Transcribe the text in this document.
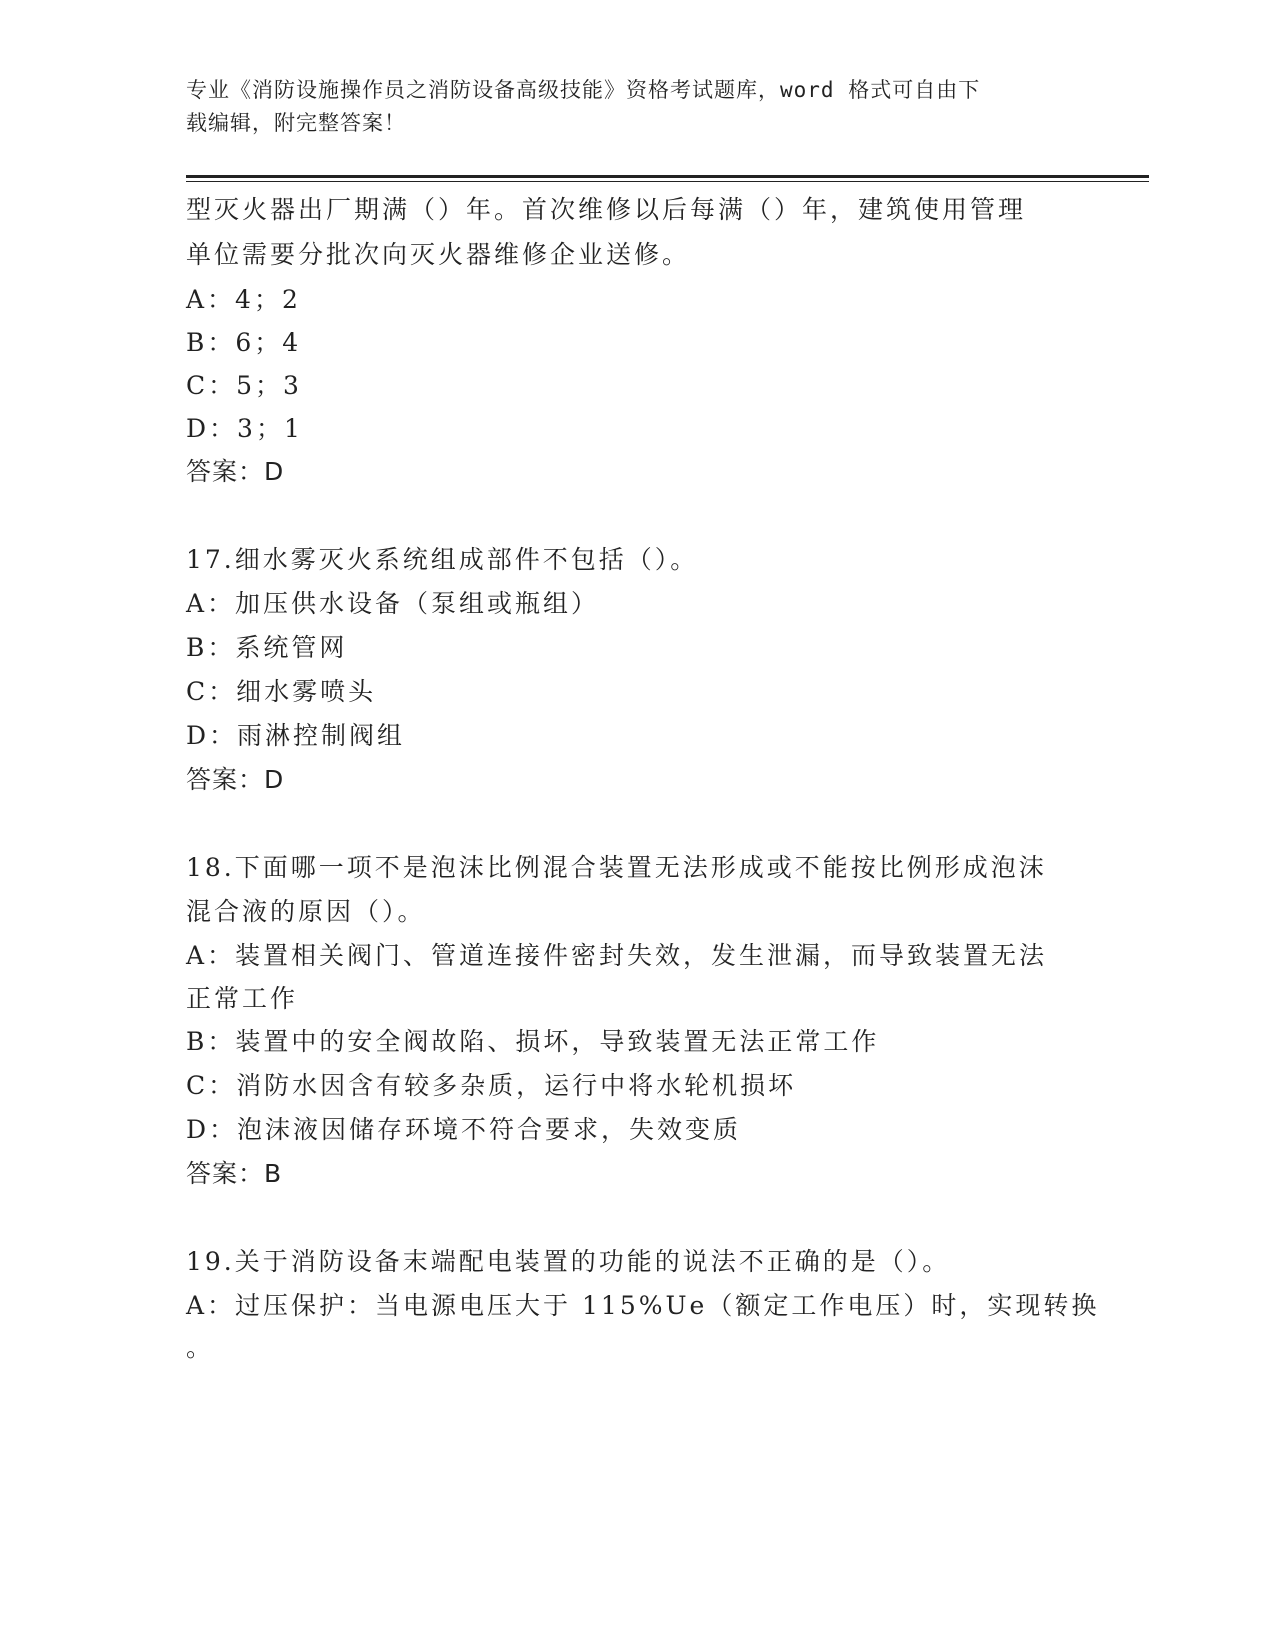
专业《消防设施操作员之消防设备高级技能》资格考试题库，word 格式可自由下
载编辑，附完整答案！
型灭火器出厂期满（）年。首次维修以后每满（）年，建筑使用管理
单位需要分批次向灭火器维修企业送修。
A：4；2
B：6；4
C：5；3
D：3；1
答案：D
17.细水雾灭火系统组成部件不包括（）。
A：加压供水设备（泵组或瓶组）
B：系统管网
C：细水雾喷头
D：雨淋控制阀组
答案：D
18.下面哪一项不是泡沫比例混合装置无法形成或不能按比例形成泡沫
混合液的原因（）。
A：装置相关阀门、管道连接件密封失效，发生泄漏，而导致装置无法
正常工作
B：装置中的安全阀故陷、损坏，导致装置无法正常工作
C：消防水因含有较多杂质，运行中将水轮机损坏
D：泡沫液因储存环境不符合要求，失效变质
答案：B
19.关于消防设备末端配电装置的功能的说法不正确的是（）。
A：过压保护：当电源电压大于 115%Ue（额定工作电压）时，实现转换
。
